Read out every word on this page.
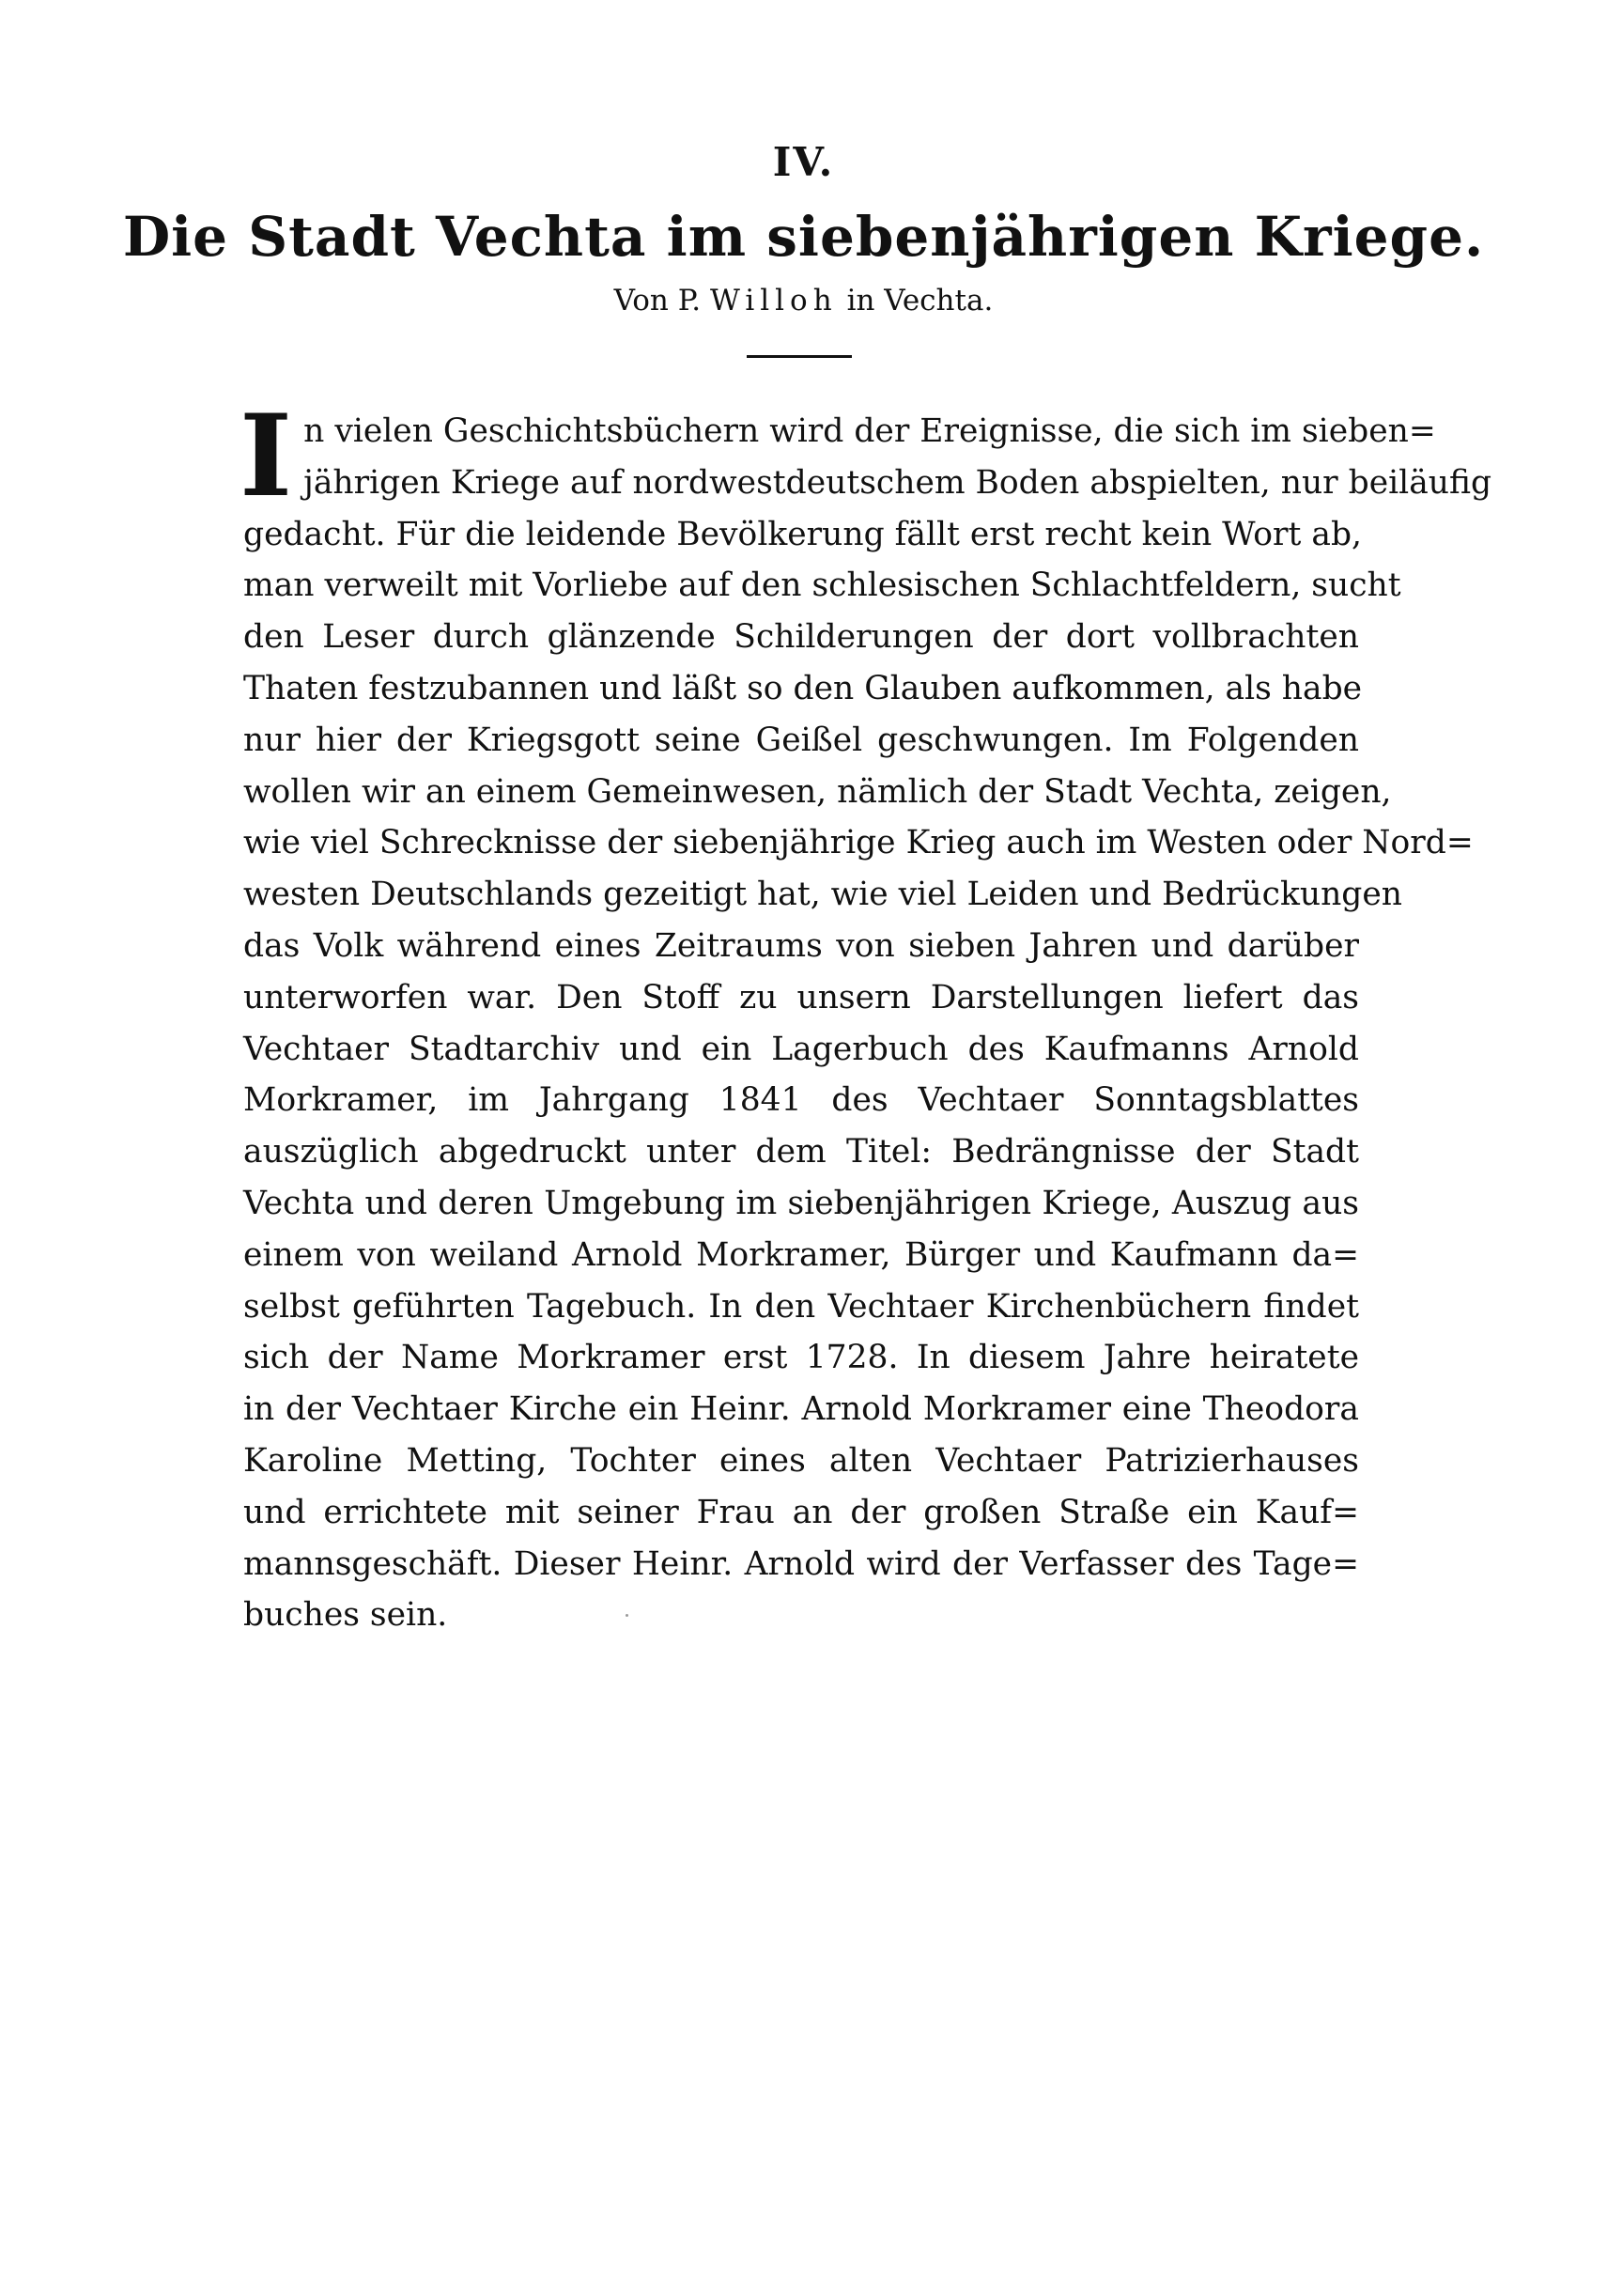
IV.
Die Stadt Vechta im siebenjährigen Kriege.
Von P. Willoh in Vechta.
I n vielen Geschichtsbüchern wird der Ereignisse, die sich im sieben=
jährigen Kriege auf nordwestdeutschem Boden abspielten, nur beiläufig
gedacht. Für die leidende Bevölkerung fällt erst recht kein Wort ab,
man verweilt mit Vorliebe auf den schlesischen Schlachtfeldern, sucht
den Leser durch glänzende Schilderungen der dort vollbrachten
Thaten festzubannen und läßt so den Glauben aufkommen, als habe
nur hier der Kriegsgott seine Geißel geschwungen. Im Folgenden
wollen wir an einem Gemeinwesen, nämlich der Stadt Vechta, zeigen,
wie viel Schrecknisse der siebenjährige Krieg auch im Westen oder Nord=
westen Deutschlands gezeitigt hat, wie viel Leiden und Bedrückungen
das Volk während eines Zeitraums von sieben Jahren und darüber
unterworfen war. Den Stoff zu unsern Darstellungen liefert das
Vechtaer Stadtarchiv und ein Lagerbuch des Kaufmanns Arnold
Morkramer, im Jahrgang 1841 des Vechtaer Sonntagsblattes
auszüglich abgedruckt unter dem Titel: Bedrängnisse der Stadt
Vechta und deren Umgebung im siebenjährigen Kriege, Auszug aus
einem von weiland Arnold Morkramer, Bürger und Kaufmann da=
selbst geführten Tagebuch. In den Vechtaer Kirchenbüchern findet
sich der Name Morkramer erst 1728. In diesem Jahre heiratete
in der Vechtaer Kirche ein Heinr. Arnold Morkramer eine Theodora
Karoline Metting, Tochter eines alten Vechtaer Patrizierhauses
und errichtete mit seiner Frau an der großen Straße ein Kauf=
mannsgeschäft. Dieser Heinr. Arnold wird der Verfasser des Tage=
buches sein.
